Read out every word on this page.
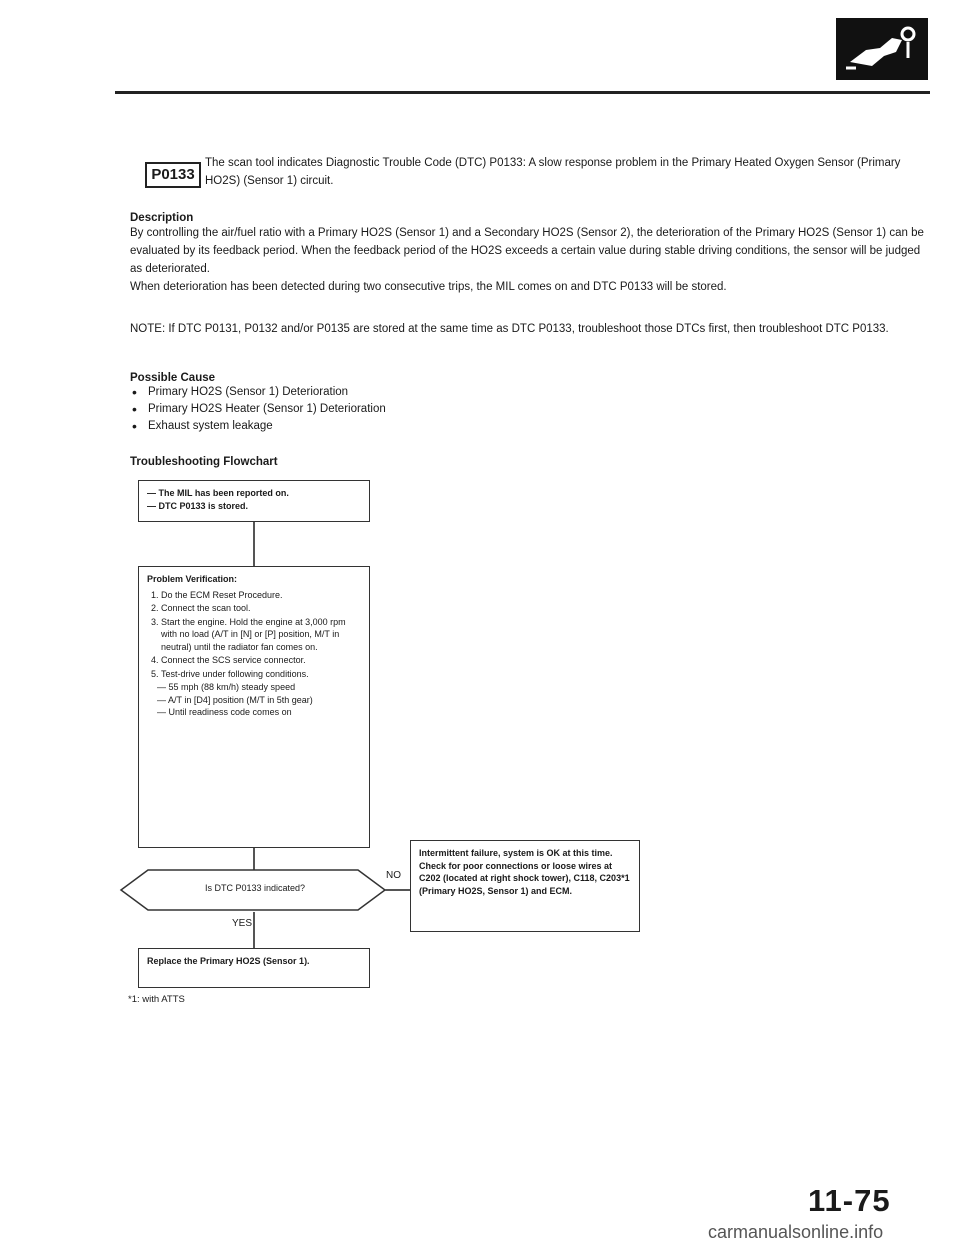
P0133
The scan tool indicates Diagnostic Trouble Code (DTC) P0133: A slow response problem in the Primary Heated Oxygen Sensor (Primary HO2S) (Sensor 1) circuit.
Description
By controlling the air/fuel ratio with a Primary HO2S (Sensor 1) and a Secondary HO2S (Sensor 2), the deterioration of the Primary HO2S (Sensor 1) can be evaluated by its feedback period. When the feedback period of the HO2S exceeds a certain value during stable driving conditions, the sensor will be judged as deteriorated.
When deterioration has been detected during two consecutive trips, the MIL comes on and DTC P0133 will be stored.
NOTE: If DTC P0131, P0132 and/or P0135 are stored at the same time as DTC P0133, troubleshoot those DTCs first, then troubleshoot DTC P0133.
Possible Cause
• Primary HO2S (Sensor 1) Deterioration
• Primary HO2S Heater (Sensor 1) Deterioration
• Exhaust system leakage
Troubleshooting Flowchart
— The MIL has been reported on.
— DTC P0133 is stored.
Problem Verification:
1. Do the ECM Reset Procedure.
2. Connect the scan tool.
3. Start the engine. Hold the engine at 3,000 rpm with no load (A/T in [N] or [P] position, M/T in neutral) until the radiator fan comes on.
4. Connect the SCS service connector.
5. Test-drive under following conditions.
— 55 mph (88 km/h) steady speed
— A/T in [D4] position (M/T in 5th gear)
— Until readiness code comes on
Is DTC P0133 indicated?
NO
Intermittent failure, system is OK at this time. Check for poor connections or loose wires at C202 (located at right shock tower), C118, C203*1 (Primary HO2S, Sensor 1) and ECM.
YES
Replace the Primary HO2S (Sensor 1).
*1: with ATTS
11-75
carmanualsonline.info
